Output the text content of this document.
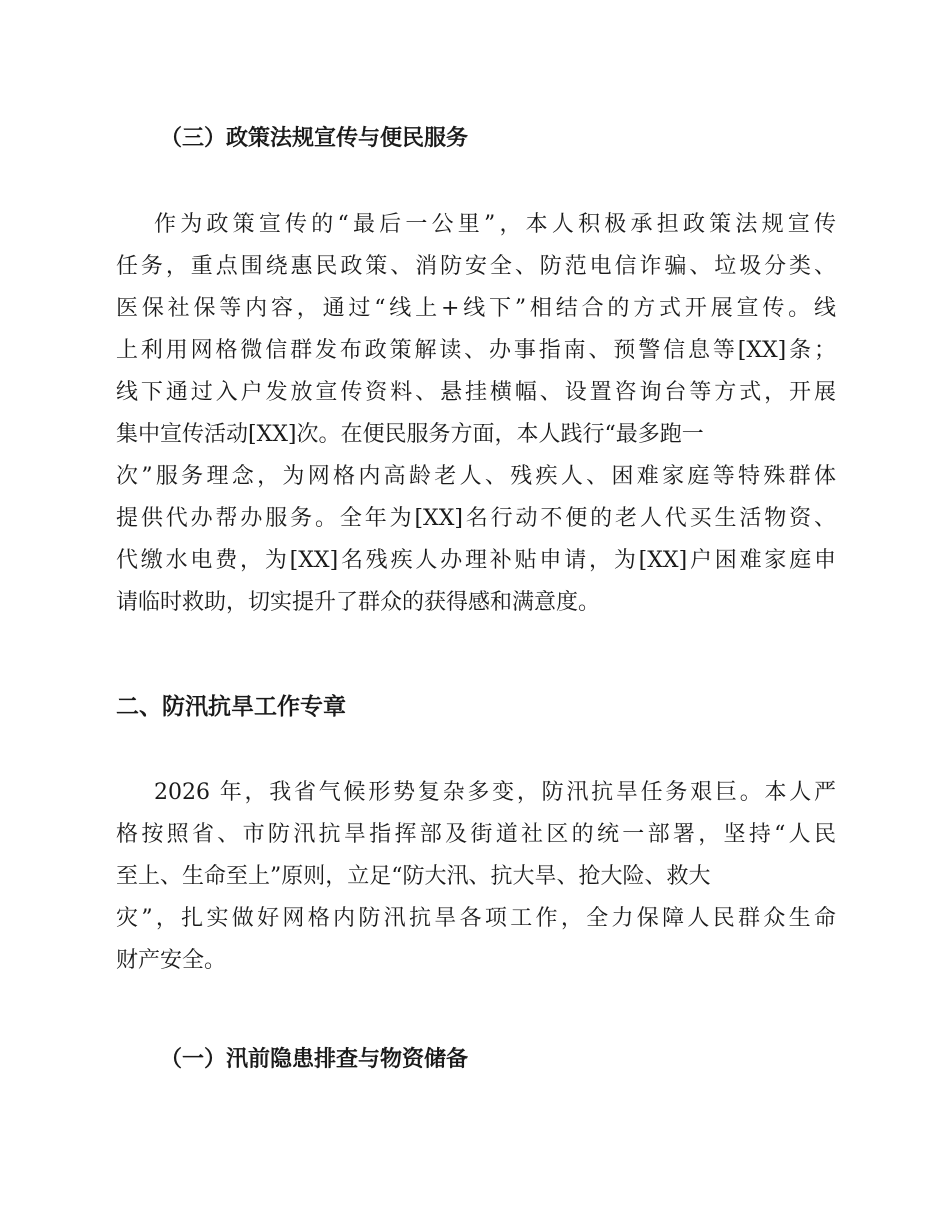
（三）政策法规宣传与便民服务
作为政策宣传的“最后一公里”，本人积极承担政策法规宣传
任务，重点围绕惠民政策、消防安全、防范电信诈骗、垃圾分类、
医保社保等内容，通过“线上+线下”相结合的方式开展宣传。线
上利用网格微信群发布政策解读、办事指南、预警信息等[XX]条；
线下通过入户发放宣传资料、悬挂横幅、设置咨询台等方式，开展
集中宣传活动[XX]次。在便民服务方面，本人践行“最多跑一
次”服务理念，为网格内高龄老人、残疾人、困难家庭等特殊群体
提供代办帮办服务。全年为[XX]名行动不便的老人代买生活物资、
代缴水电费，为[XX]名残疾人办理补贴申请，为[XX]户困难家庭申
请临时救助，切实提升了群众的获得感和满意度。
二、防汛抗旱工作专章
2026 年，我省气候形势复杂多变，防汛抗旱任务艰巨。本人严
格按照省、市防汛抗旱指挥部及街道社区的统一部署，坚持“人民
至上、生命至上”原则，立足“防大汛、抗大旱、抢大险、救大
灾”，扎实做好网格内防汛抗旱各项工作，全力保障人民群众生命
财产安全。
（一）汛前隐患排查与物资储备
